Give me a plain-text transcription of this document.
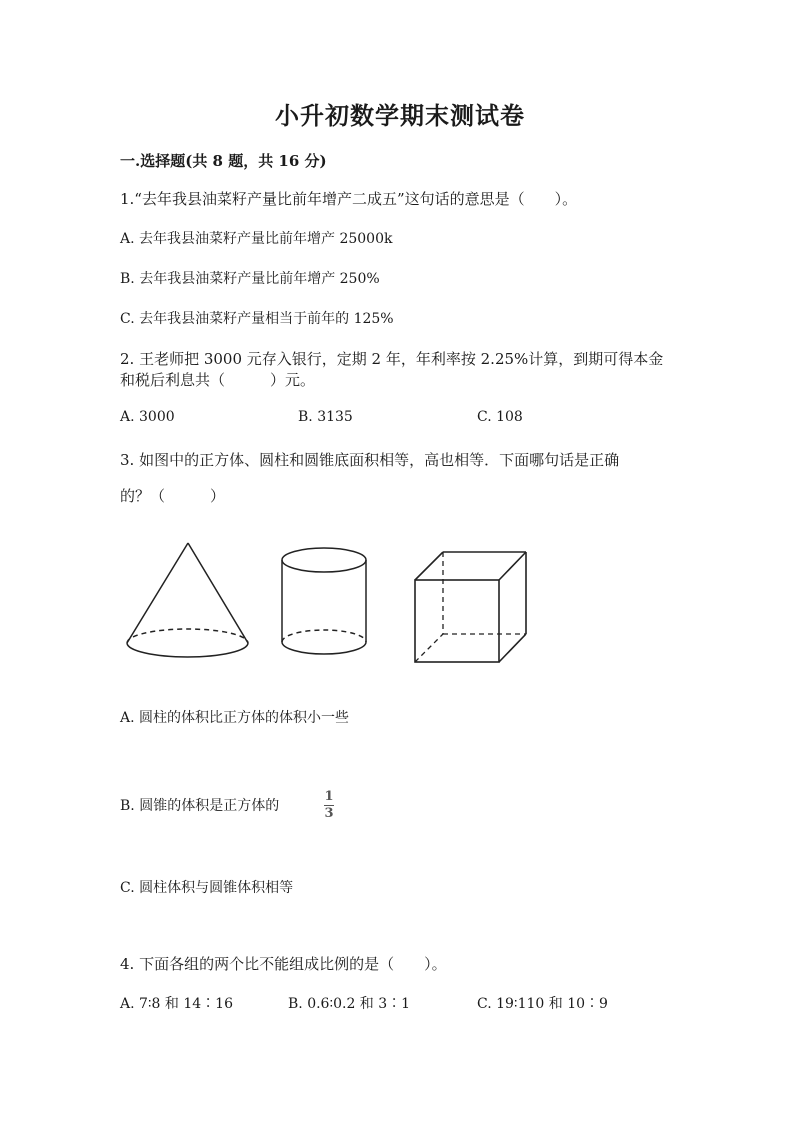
小升初数学期末测试卷
一.选择题(共 8 题，共 16 分)
1.“去年我县油菜籽产量比前年增产二成五”这句话的意思是（　　）。
A. 去年我县油菜籽产量比前年增产 25000k
B. 去年我县油菜籽产量比前年增产 250%
C. 去年我县油菜籽产量相当于前年的 125%
2. 王老师把 3000 元存入银行，定期 2 年，年利率按 2.25%计算，到期可得本金
和税后利息共（　　　）元。
A. 3000	B. 3135	C. 108
3. 如图中的正方体、圆柱和圆锥底面积相等，高也相等．下面哪句话是正确
的？（　　　）
A. 圆柱的体积比正方体的体积小一些
B. 圆锥的体积是正方体的
1
3
C. 圆柱体积与圆锥体积相等
4. 下面各组的两个比不能组成比例的是（　　）。
A. 7∶8 和 14∶16	B. 0.6∶0.2 和 3∶1	C. 19∶110 和 10∶9
